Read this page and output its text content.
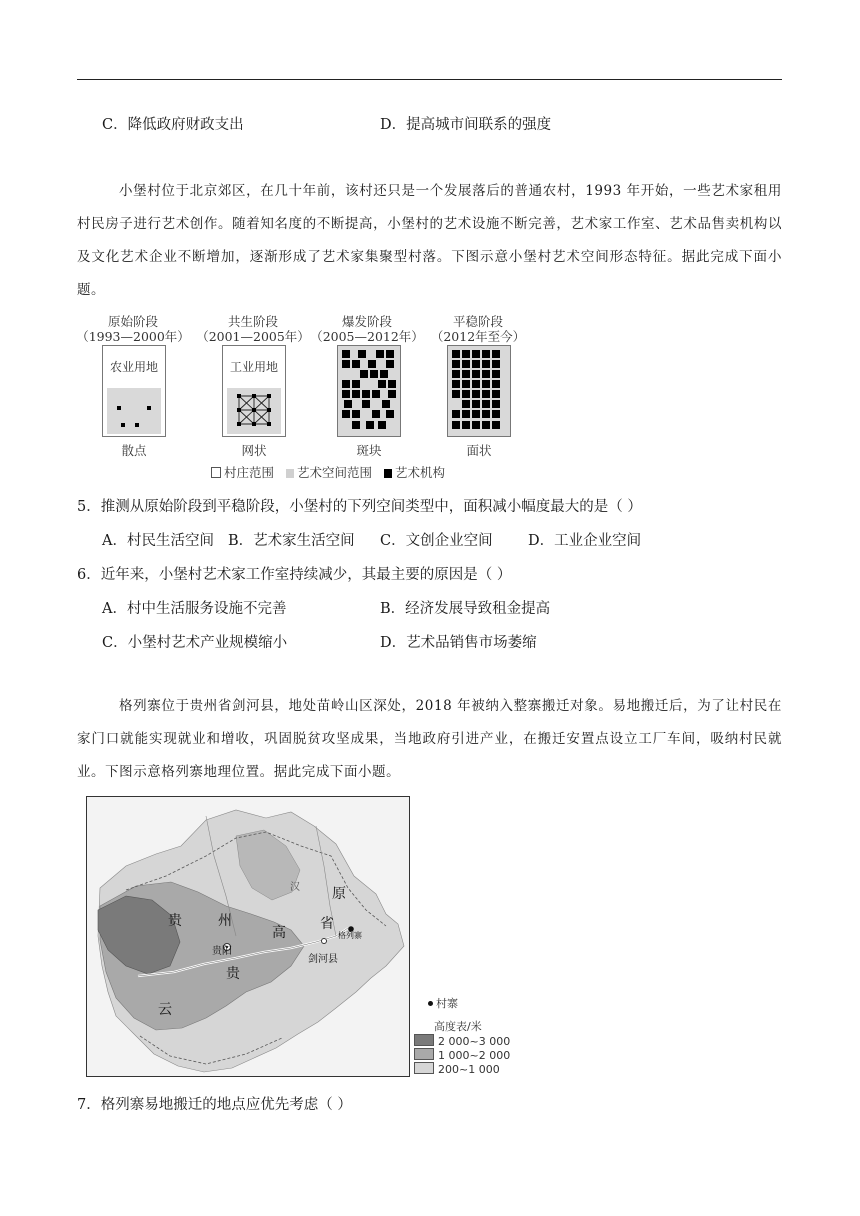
C．降低政府财政支出	D．提高城市间联系的强度

小堡村位于北京郊区，在几十年前，该村还只是一个发展落后的普通农村，1993 年开始，一些艺术家租用村民房子进行艺术创作。随着知名度的不断提高，小堡村的艺术设施不断完善，艺术家工作室、艺术品售卖机构以及文化艺术企业不断增加，逐渐形成了艺术家集聚型村落。下图示意小堡村艺术空间形态特征。据此完成下面小题。

原始阶段
（1993—2000年）
共生阶段
（2001—2005年）
爆发阶段
（2005—2012年）
平稳阶段
（2012年至今）
农业用地	工业用地
散点	网状	斑块	面状
村庄范围 艺术空间范围 艺术机构
5．推测从原始阶段到平稳阶段，小堡村的下列空间类型中，面积减小幅度最大的是（ ）
A．村民生活空间 B．艺术家生活空间 C．文创企业空间 D．工业企业空间
6．近年来，小堡村艺术家工作室持续减少，其最主要的原因是（ ）
A．村中生活服务设施不完善	B．经济发展导致租金提高
C．小堡村艺术产业规模缩小	D．艺术品销售市场萎缩

格列寨位于贵州省剑河县，地处苗岭山区深处，2018 年被纳入整寨搬迁对象。易地搬迁后，为了让村民在家门口就能实现就业和增收，巩固脱贫攻坚成果，当地政府引进产业，在搬迁安置点设立工厂车间，吸纳村民就业。下图示意格列寨地理位置。据此完成下面小题。

贵	州
高
省
原
贵
云
汉
贵阳
剑河县
格列寨
村寨
高度表/米
2 000~3 000
1 000~2 000
200~1 000
7．格列寨易地搬迁的地点应优先考虑（ ）
